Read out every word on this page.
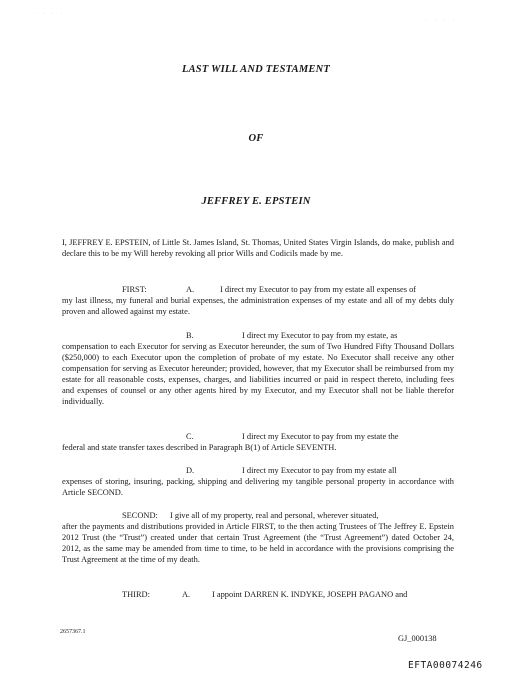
· · · ·
· · · ·
LAST WILL AND TESTAMENT
OF
JEFFREY E. EPSTEIN

I, JEFFREY E. EPSTEIN, of Little St. James Island, St. Thomas, United States Virgin Islands, do make, publish and declare this to be my Will hereby revoking all prior Wills and Codicils made by me.

FIRST:	A.	I direct my Executor to pay from my estate all expenses of

my last illness, my funeral and burial expenses, the administration expenses of my estate and all of my debts duly proven and allowed against my estate.

B.	I direct my Executor to pay from my estate, as

compensation to each Executor for serving as Executor hereunder, the sum of Two Hundred Fifty Thousand Dollars ($250,000) to each Executor upon the completion of probate of my estate. No Executor shall receive any other compensation for serving as Executor hereunder; provided, however, that my Executor shall be reimbursed from my estate for all reasonable costs, expenses, charges, and liabilities incurred or paid in respect thereto, including fees and expenses of counsel or any other agents hired by my Executor, and my Executor shall not be liable therefor individually.

C.	I direct my Executor to pay from my estate the

federal and state transfer taxes described in Paragraph B(1) of Article SEVENTH.

D.	I direct my Executor to pay from my estate all

expenses of storing, insuring, packing, shipping and delivering my tangible personal property in accordance with Article SECOND.

SECOND: I give all of my property, real and personal, wherever situated,

after the payments and distributions provided in Article FIRST, to the then acting Trustees of The Jeffrey E. Epstein 2012 Trust (the “Trust”) created under that certain Trust Agreement (the “Trust Agreement”) dated October 24, 2012, as the same may be amended from time to time, to be held in accordance with the provisions comprising the Trust Agreement at the time of my death.

THIRD:	A.	I appoint DARREN K. INDYKE, JOSEPH PAGANO and
2657367.1
GJ_000138
EFTA00074246
